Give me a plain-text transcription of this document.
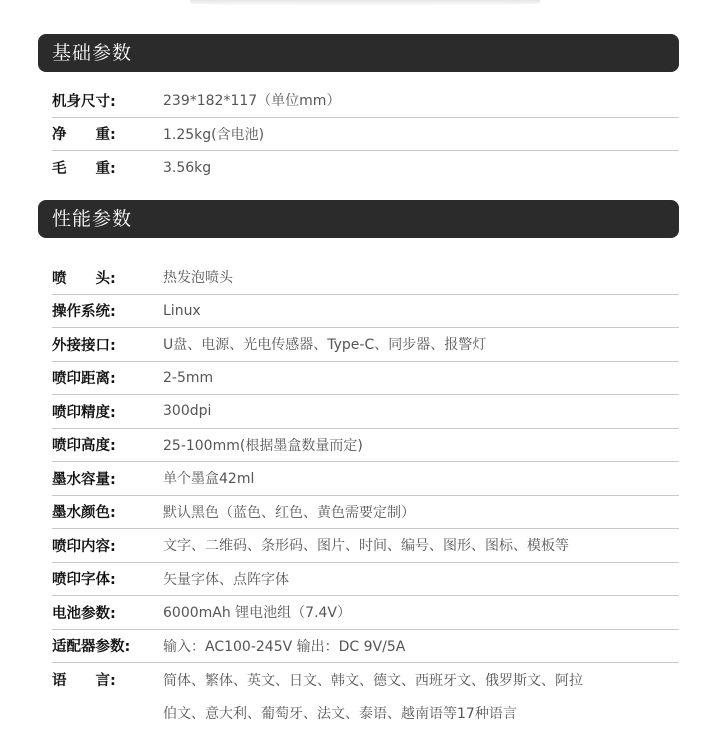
基础参数
机身尺寸:	239*182*117（单位mm）
净　　重:	1.25kg(含电池)
毛　　重:	3.56kg
性能参数
喷　　头:	热发泡喷头
操作系统:	Linux
外接接口:	U盘、电源、光电传感器、Type-C、同步器、报警灯
喷印距离:	2-5mm
喷印精度:	300dpi
喷印高度:	25-100mm(根据墨盒数量而定)
墨水容量:	单个墨盒42ml
墨水颜色:	默认黑色（蓝色、红色、黄色需要定制）
喷印内容:	文字、二维码、条形码、图片、时间、编号、图形、图标、模板等
喷印字体:	矢量字体、点阵字体
电池参数:	6000mAh 锂电池组（7.4V）
适配器参数:	输入：AC100-245V 输出：DC 9V/5A
语　　言:	简体、繁体、英文、日文、韩文、德文、西班牙文、俄罗斯文、阿拉
伯文、意大利、葡萄牙、法文、泰语、越南语等17种语言
